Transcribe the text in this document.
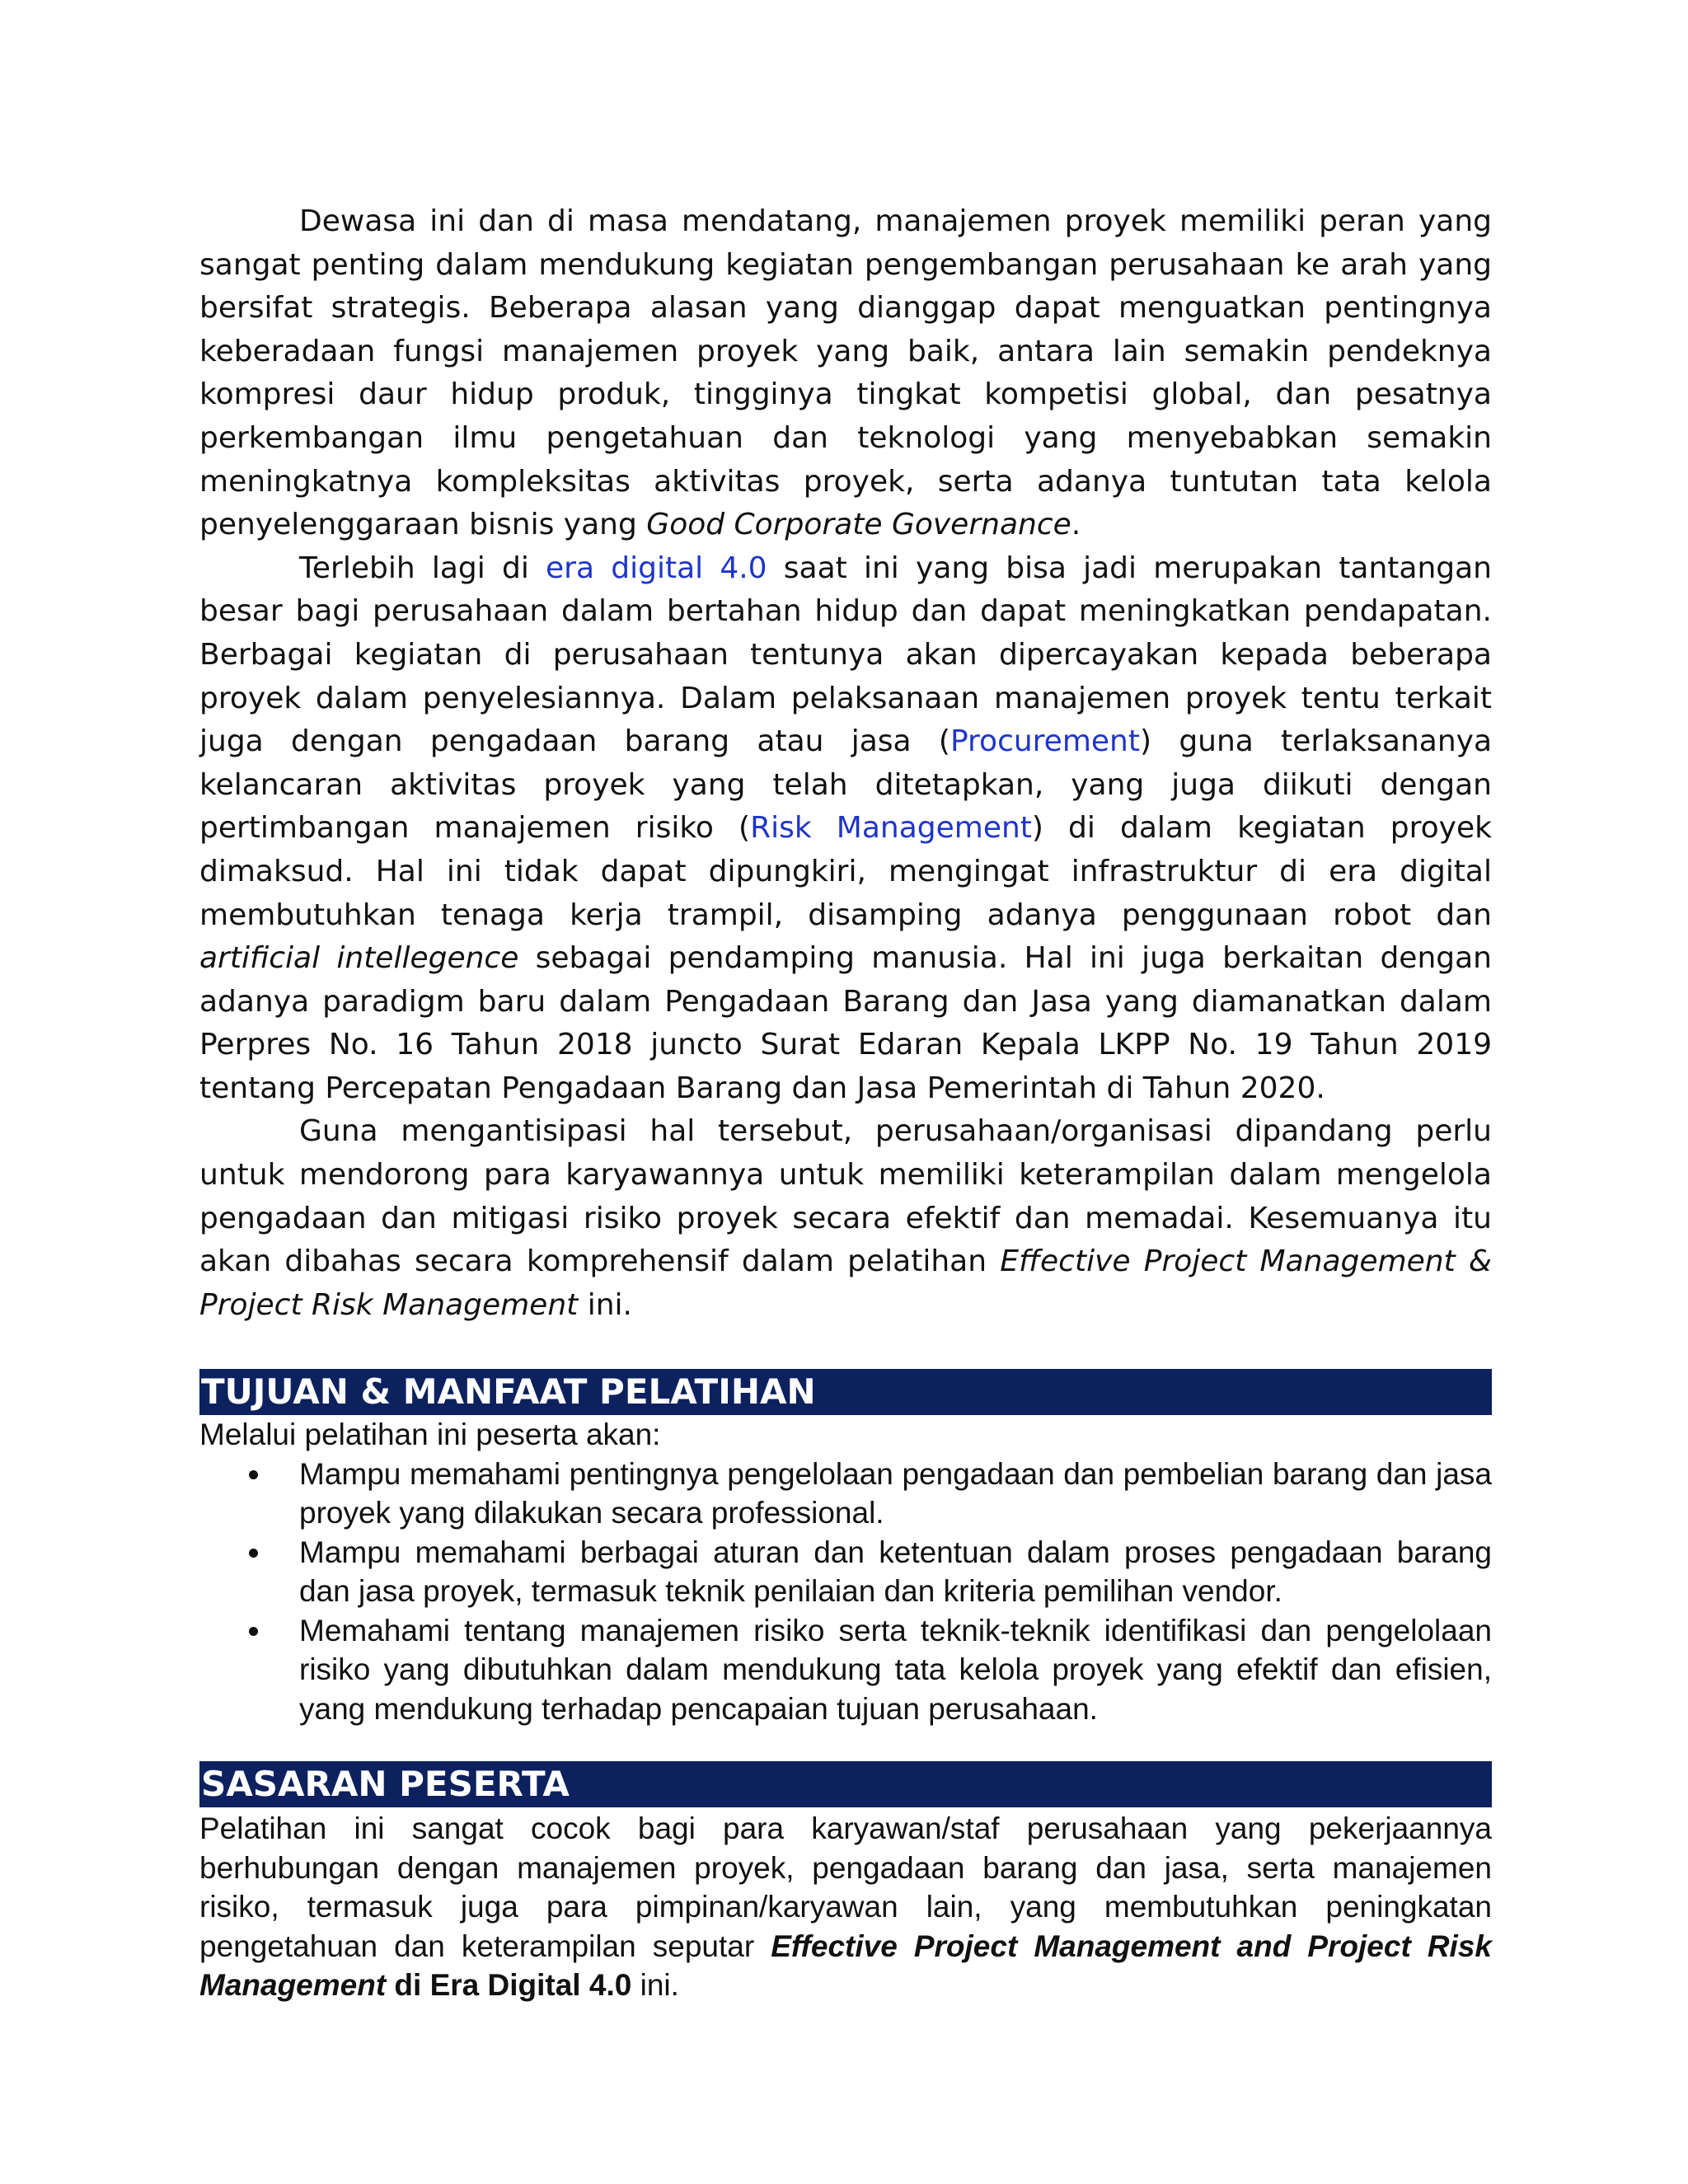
Dewasa ini dan di masa mendatang, manajemen proyek memiliki peran yang sangat penting dalam mendukung kegiatan pengembangan perusahaan ke arah yang bersifat strategis. Beberapa alasan yang dianggap dapat menguatkan pentingnya keberadaan fungsi manajemen proyek yang baik, antara lain semakin pendeknya kompresi daur hidup produk, tingginya tingkat kompetisi global, dan pesatnya perkembangan ilmu pengetahuan dan teknologi yang menyebabkan semakin meningkatnya kompleksitas aktivitas proyek, serta adanya tuntutan tata kelola penyelenggaraan bisnis yang Good Corporate Governance.

Terlebih lagi di era digital 4.0 saat ini yang bisa jadi merupakan tantangan besar bagi perusahaan dalam bertahan hidup dan dapat meningkatkan pendapatan. Berbagai kegiatan di perusahaan tentunya akan dipercayakan kepada beberapa proyek dalam penyelesiannya. Dalam pelaksanaan manajemen proyek tentu terkait juga dengan pengadaan barang atau jasa (Procurement) guna terlaksananya kelancaran aktivitas proyek yang telah ditetapkan, yang juga diikuti dengan pertimbangan manajemen risiko (Risk Management) di dalam kegiatan proyek dimaksud. Hal ini tidak dapat dipungkiri, mengingat infrastruktur di era digital membutuhkan tenaga kerja trampil, disamping adanya penggunaan robot dan artificial intellegence sebagai pendamping manusia. Hal ini juga berkaitan dengan adanya paradigm baru dalam Pengadaan Barang dan Jasa yang diamanatkan dalam Perpres No. 16 Tahun 2018 juncto Surat Edaran Kepala LKPP No. 19 Tahun 2019 tentang Percepatan Pengadaan Barang dan Jasa Pemerintah di Tahun 2020.

Guna mengantisipasi hal tersebut, perusahaan/organisasi dipandang perlu untuk mendorong para karyawannya untuk memiliki keterampilan dalam mengelola pengadaan dan mitigasi risiko proyek secara efektif dan memadai. Kesemuanya itu akan dibahas secara komprehensif dalam pelatihan Effective Project Management & Project Risk Management ini.

TUJUAN & MANFAAT PELATIHAN

Melalui pelatihan ini peserta akan:

Mampu memahami pentingnya pengelolaan pengadaan dan pembelian barang dan jasa proyek yang dilakukan secara professional.
Mampu memahami berbagai aturan dan ketentuan dalam proses pengadaan barang dan jasa proyek, termasuk teknik penilaian dan kriteria pemilihan vendor.
Memahami tentang manajemen risiko serta teknik-teknik identifikasi dan pengelolaan risiko yang dibutuhkan dalam mendukung tata kelola proyek yang efektif dan efisien, yang mendukung terhadap pencapaian tujuan perusahaan.
SASARAN PESERTA

Pelatihan ini sangat cocok bagi para karyawan/staf perusahaan yang pekerjaannya berhubungan dengan manajemen proyek, pengadaan barang dan jasa, serta manajemen risiko, termasuk juga para pimpinan/karyawan lain, yang membutuhkan peningkatan pengetahuan dan keterampilan seputar Effective Project Management and Project Risk Management di Era Digital 4.0 ini.
